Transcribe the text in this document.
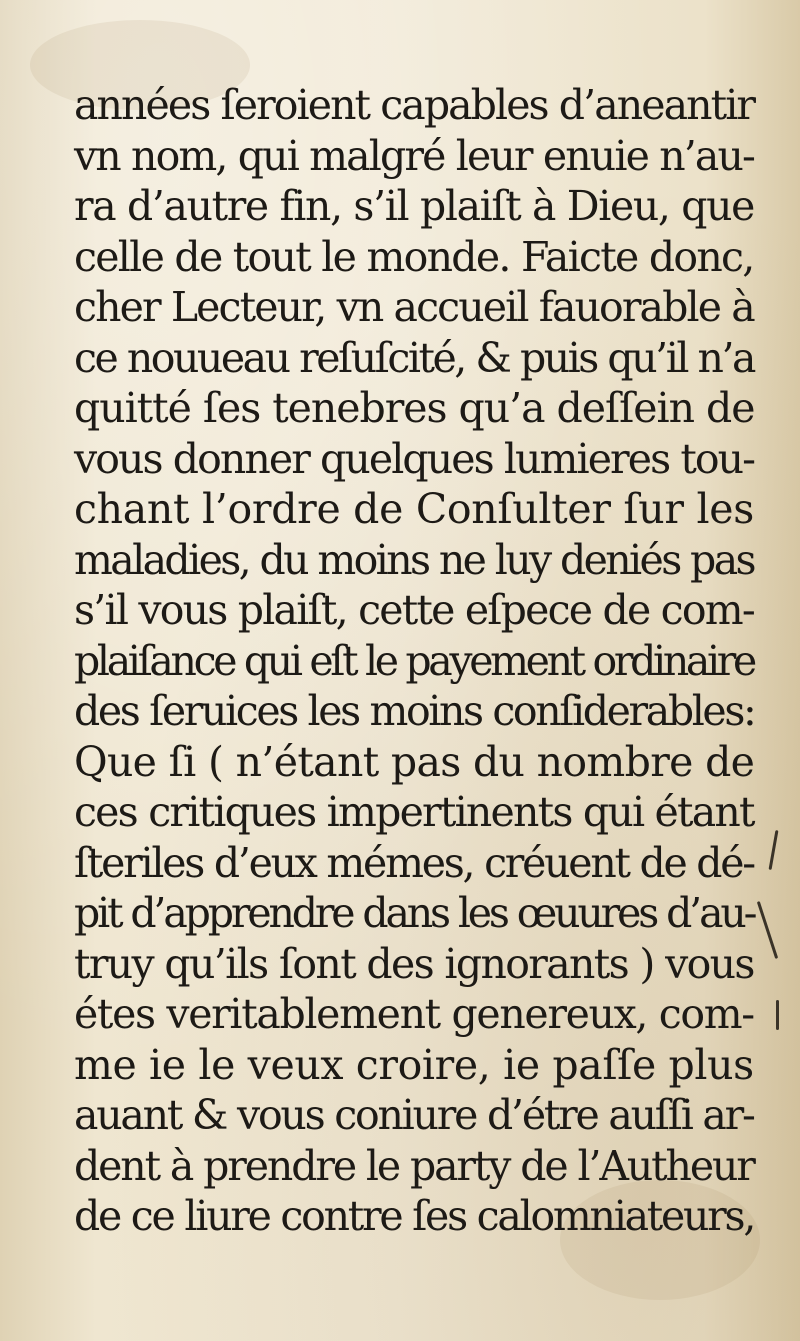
années ſeroient capables d’aneantir
vn nom, qui malgré leur enuie n’au-
ra d’autre fin, s’il plaiſt à Dieu, que
celle de tout le monde. Faicte donc,
cher Lecteur, vn accueil fauorable à
ce nouueau reſuſcité, & puis qu’il n’a
quitté ſes tenebres qu’a deſſein de
vous donner quelques lumieres tou-
chant l’ordre de Conſulter ſur les
maladies, du moins ne luy deniés pas
s’il vous plaiſt, cette eſpece de com-
plaiſance qui eſt le payement ordinaire
des ſeruices les moins conſiderables:
Que ſi ( n’étant pas du nombre de
ces critiques impertinents qui étant
ſteriles d’eux mémes, créuent de dé-
pit d’apprendre dans les œuures d’au-
truy qu’ils ſont des ignorants ) vous
étes veritablement genereux, com-
me ie le veux croire, ie paſſe plus
auant & vous coniure d’étre auſſi ar-
dent à prendre le party de l’Autheur
de ce liure contre ſes calomniateurs,
